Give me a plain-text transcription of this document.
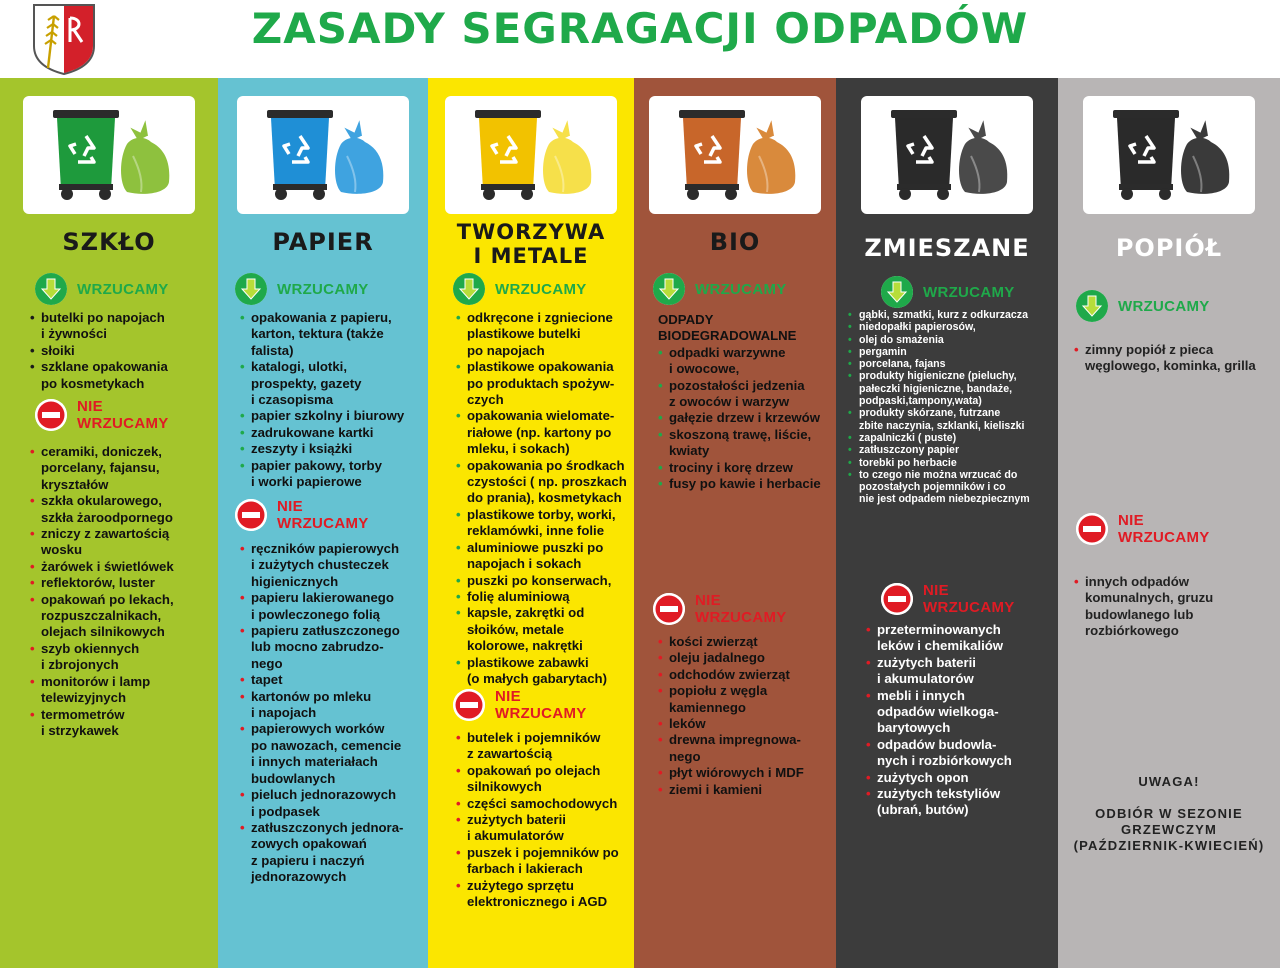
ZASADY SEGRAGACJI ODPADÓW
SZKŁO
WRZUCAMY
• butelki po napojach
i żywności
• słoiki
• szklane opakowania
po kosmetykach
NIE
WRZUCAMY
• ceramiki, doniczek,
porcelany, fajansu,
kryształów
• szkła okularowego,
szkła żaroodpornego
• zniczy z zawartością
wosku
• żarówek i świetlówek
• reflektorów, luster
• opakowań po lekach,
rozpuszczalnikach,
olejach silnikowych
• szyb okiennych
i zbrojonych
• monitorów i lamp
telewizyjnych
• termometrów
i strzykawek
PAPIER
WRZUCAMY
• opakowania z papieru,
karton, tektura (także
falista)
• katalogi, ulotki,
prospekty, gazety
i czasopisma
• papier szkolny i biurowy
• zadrukowane kartki
• zeszyty i książki
• papier pakowy, torby
i worki papierowe
NIE
WRZUCAMY
• ręczników papierowych
i zużytych chusteczek
higienicznych
• papieru lakierowanego
i powleczonego folią
• papieru zatłuszczonego
lub mocno zabrudzo-
nego
• tapet
• kartonów po mleku
i napojach
• papierowych worków
po nawozach, cemencie
i innych materiałach
budowlanych
• pieluch jednorazowych
i podpasek
• zatłuszczonych jednora-
zowych opakowań
z papieru i naczyń
jednorazowych
TWORZYWA
I METALE
WRZUCAMY
• odkręcone i zgniecione
plastikowe butelki
po napojach
• plastikowe opakowania
po produktach spożyw-
czych
• opakowania wielomate-
riałowe (np. kartony po
mleku, i sokach)
• opakowania po środkach
czystości ( np. proszkach
do prania), kosmetykach
• plastikowe torby, worki,
reklamówki, inne folie
• aluminiowe puszki po
napojach i sokach
• puszki po konserwach,
• folię aluminiową
• kapsle, zakrętki od
słoików, metale
kolorowe, nakrętki
• plastikowe zabawki
(o małych gabarytach)
NIE
WRZUCAMY
• butelek i pojemników
z zawartością
• opakowań po olejach
silnikowych
• części samochodowych
• zużytych baterii
i akumulatorów
• puszek i pojemników po
farbach i lakierach
• zużytego sprzętu
elektronicznego i AGD
BIO
WRZUCAMY
ODPADY
BIODEGRADOWALNE
• odpadki warzywne
i owocowe,
• pozostałości jedzenia
z owoców i warzyw
• gałęzie drzew i krzewów
• skoszoną trawę, liście,
kwiaty
• trociny i korę drzew
• fusy po kawie i herbacie
NIE
WRZUCAMY
• kości zwierząt
• oleju jadalnego
• odchodów zwierząt
• popiołu z węgla
kamiennego
• leków
• drewna impregnowa-
nego
• płyt wiórowych i MDF
• ziemi i kamieni
ZMIESZANE
WRZUCAMY
• gąbki, szmatki, kurz z odkurzacza
• niedopałki papierosów,
• olej do smażenia
• pergamin
• porcelana, fajans
• produkty higieniczne (pieluchy,
pałeczki higieniczne, bandaże,
podpaski,tampony,wata)
• produkty skórzane, futrzane
zbite naczynia, szklanki, kieliszki
• zapalniczki ( puste)
• zatłuszczony papier
• torebki po herbacie
• to czego nie można wrzucać do
pozostałych pojemników i co
nie jest odpadem niebezpiecznym
NIE
WRZUCAMY
• przeterminowanych
leków i chemikaliów
• zużytych baterii
i akumulatorów
• mebli i innych
odpadów wielkoga-
barytowych
• odpadów budowla-
nych i rozbiórkowych
• zużytych opon
• zużytych tekstyliów
(ubrań, butów)
POPIÓŁ
WRZUCAMY
• zimny popiół z pieca
węglowego, kominka, grilla
NIE
WRZUCAMY
• innych odpadów
komunalnych, gruzu
budowlanego lub
rozbiórkowego
UWAGA!

ODBIÓR W SEZONIE
GRZEWCZYM
(PAŹDZIERNIK-KWIECIEŃ)
